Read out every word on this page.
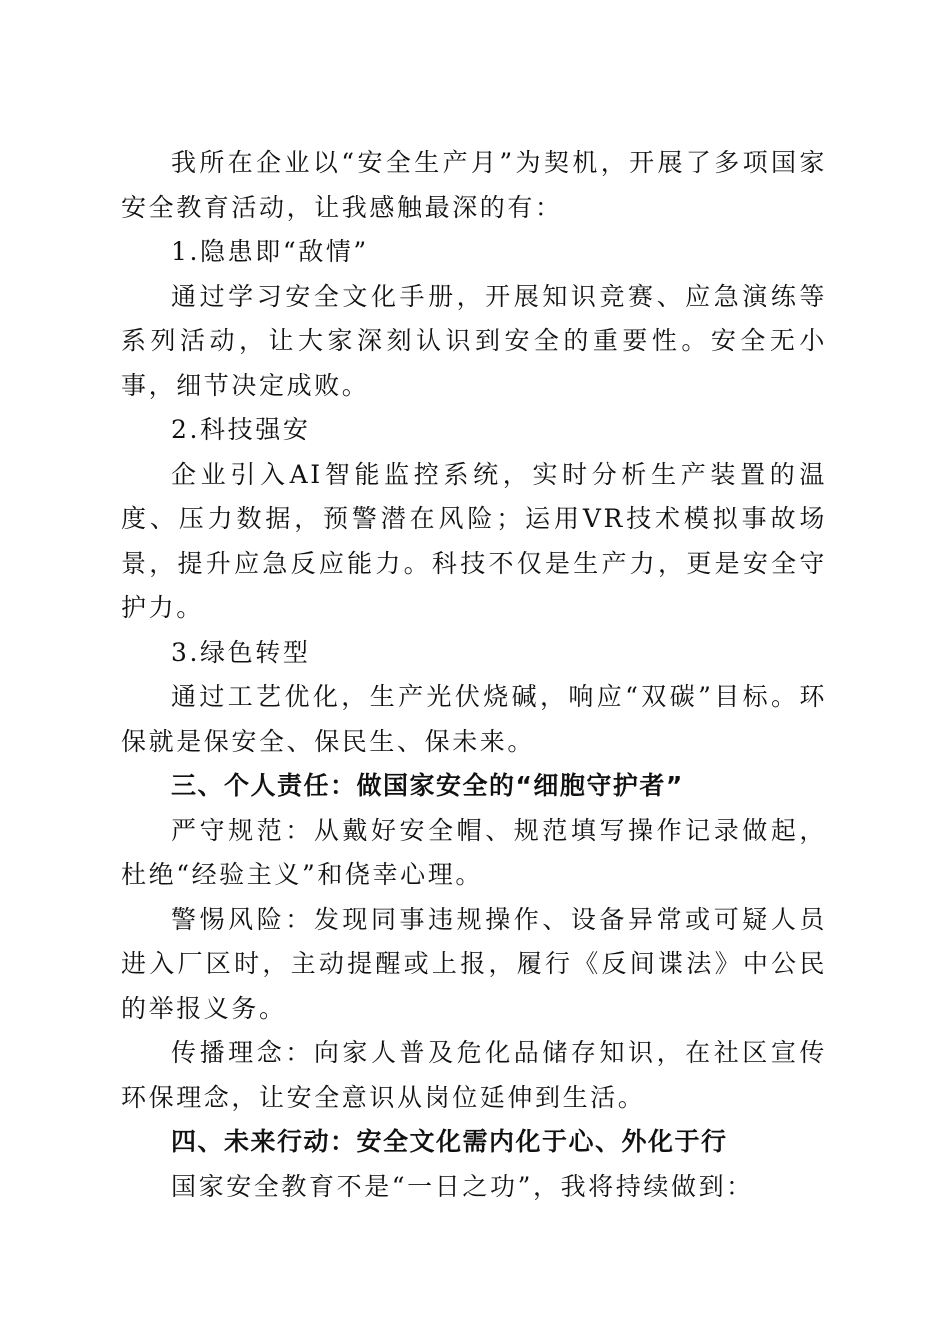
我所在企业以“安全生产月”为契机，开展了多项国家安全教育活动，让我感触最深的有：

1.隐患即“敌情”

通过学习安全文化手册，开展知识竞赛、应急演练等系列活动，让大家深刻认识到安全的重要性。安全无小事，细节决定成败。

2.科技强安

企业引入AI智能监控系统，实时分析生产装置的温度、压力数据，预警潜在风险；运用VR技术模拟事故场景，提升应急反应能力。科技不仅是生产力，更是安全守护力。

3.绿色转型

通过工艺优化，生产光伏烧碱，响应“双碳”目标。环保就是保安全、保民生、保未来。

三、个人责任：做国家安全的“细胞守护者”

严守规范：从戴好安全帽、规范填写操作记录做起，杜绝“经验主义”和侥幸心理。

警惕风险：发现同事违规操作、设备异常或可疑人员进入厂区时，主动提醒或上报，履行《反间谍法》中公民的举报义务。

传播理念：向家人普及危化品储存知识，在社区宣传环保理念，让安全意识从岗位延伸到生活。

四、未来行动：安全文化需内化于心、外化于行

国家安全教育不是“一日之功”，我将持续做到：
